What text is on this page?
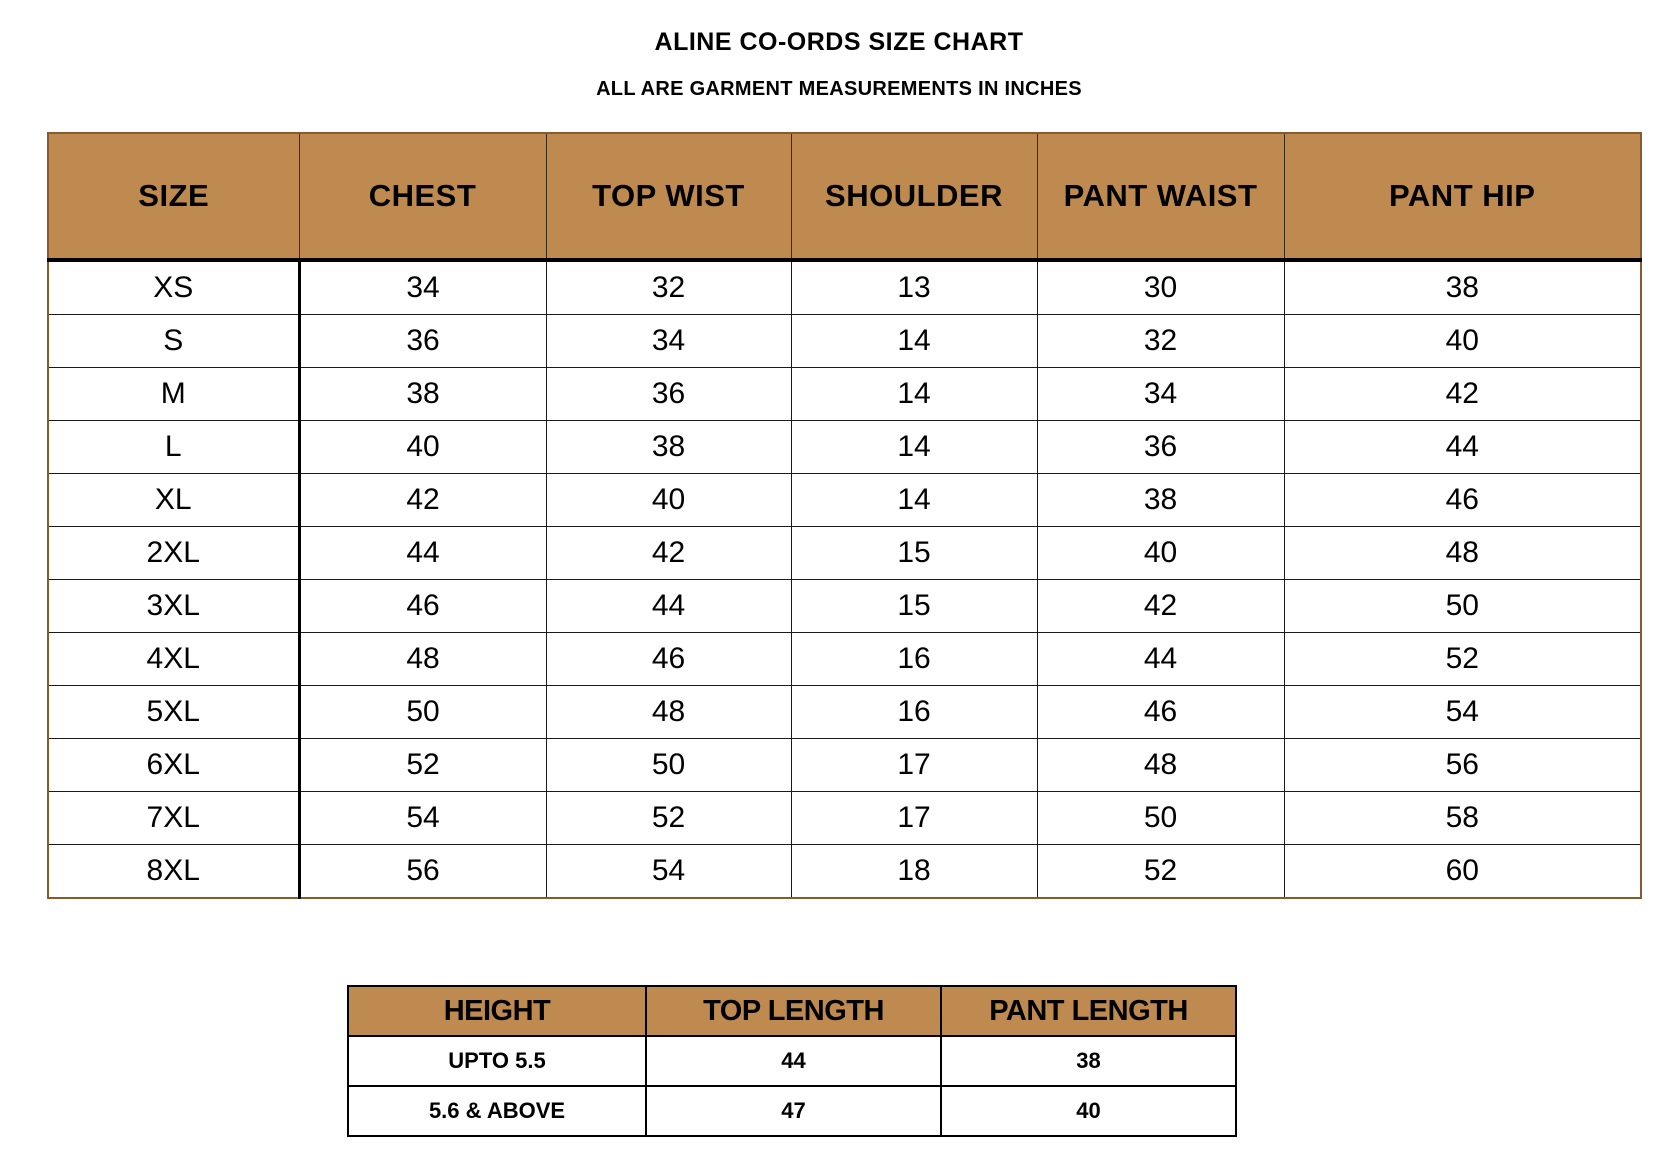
ALINE CO-ORDS SIZE CHART
ALL ARE GARMENT MEASUREMENTS IN INCHES
SIZE	CHEST	TOP WIST	SHOULDER	PANT WAIST	PANT HIP
XS	34	32	13	30	38
S	36	34	14	32	40
M	38	36	14	34	42
L	40	38	14	36	44
XL	42	40	14	38	46
2XL	44	42	15	40	48
3XL	46	44	15	42	50
4XL	48	46	16	44	52
5XL	50	48	16	46	54
6XL	52	50	17	48	56
7XL	54	52	17	50	58
8XL	56	54	18	52	60
HEIGHT	TOP LENGTH	PANT LENGTH
UPTO 5.5	44	38
5.6 & ABOVE	47	40
